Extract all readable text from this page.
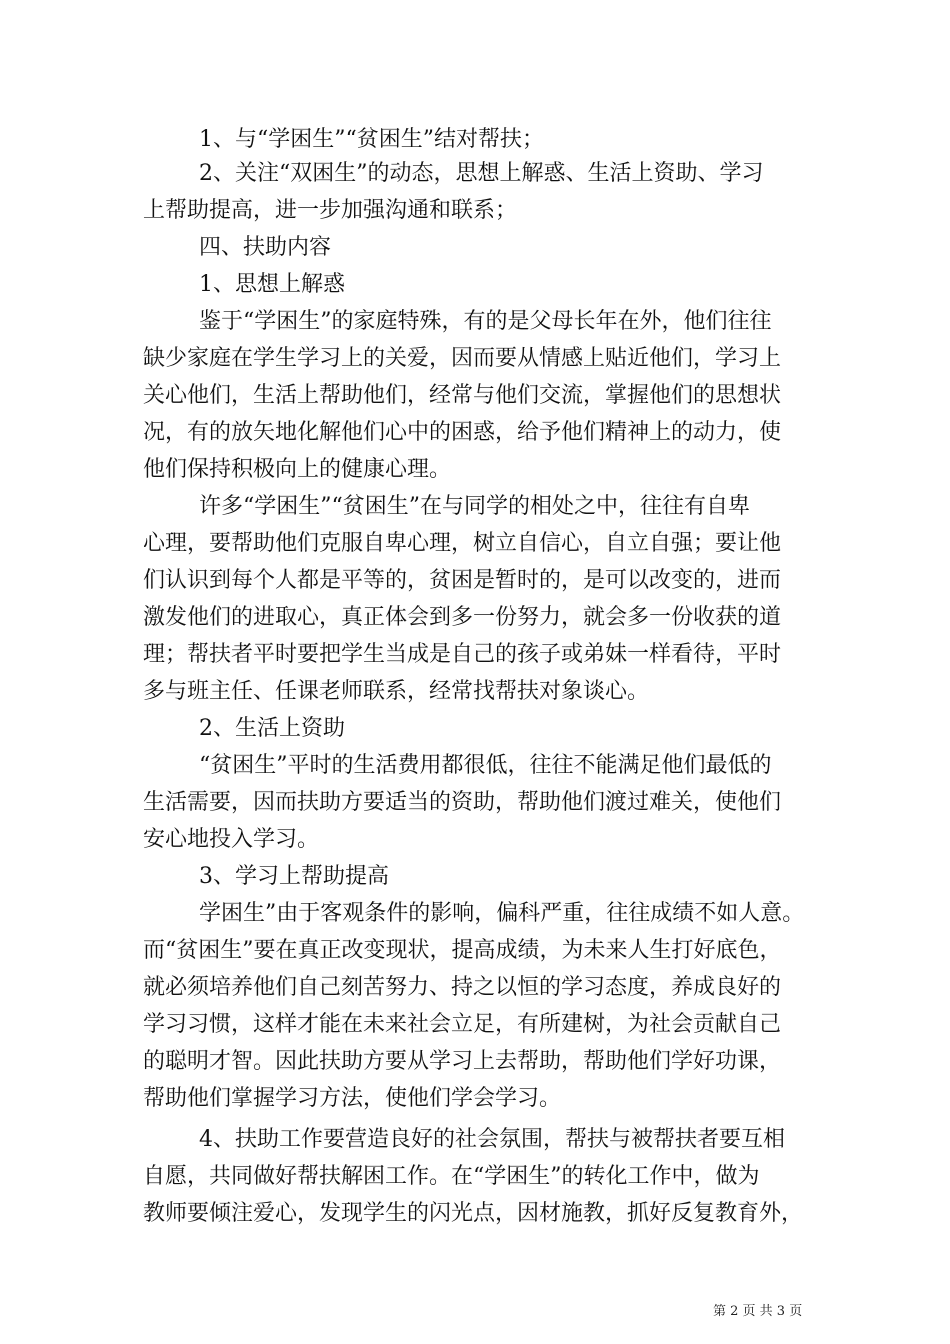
1、与“学困生”“贫困生”结对帮扶；
2、关注“双困生”的动态，思想上解惑、生活上资助、学习
上帮助提高，进一步加强沟通和联系；
四、扶助内容
1、思想上解惑
鉴于“学困生”的家庭特殊，有的是父母长年在外，他们往往
缺少家庭在学生学习上的关爱，因而要从情感上贴近他们，学习上
关心他们，生活上帮助他们，经常与他们交流，掌握他们的思想状
况，有的放矢地化解他们心中的困惑，给予他们精神上的动力，使
他们保持积极向上的健康心理。
许多“学困生”“贫困生”在与同学的相处之中，往往有自卑
心理，要帮助他们克服自卑心理，树立自信心，自立自强；要让他
们认识到每个人都是平等的，贫困是暂时的，是可以改变的，进而
激发他们的进取心，真正体会到多一份努力，就会多一份收获的道
理；帮扶者平时要把学生当成是自己的孩子或弟妹一样看待，平时
多与班主任、任课老师联系，经常找帮扶对象谈心。
2、生活上资助
“贫困生”平时的生活费用都很低，往往不能满足他们最低的
生活需要，因而扶助方要适当的资助，帮助他们渡过难关，使他们
安心地投入学习。
3、学习上帮助提高
学困生”由于客观条件的影响，偏科严重，往往成绩不如人意。
而“贫困生”要在真正改变现状，提高成绩，为未来人生打好底色，
就必须培养他们自己刻苦努力、持之以恒的学习态度，养成良好的
学习习惯，这样才能在未来社会立足，有所建树，为社会贡献自己
的聪明才智。因此扶助方要从学习上去帮助，帮助他们学好功课，
帮助他们掌握学习方法，使他们学会学习。
4、扶助工作要营造良好的社会氛围，帮扶与被帮扶者要互相
自愿，共同做好帮扶解困工作。在“学困生”的转化工作中，做为
教师要倾注爱心，发现学生的闪光点，因材施教，抓好反复教育外，
第 2 页 共 3 页
